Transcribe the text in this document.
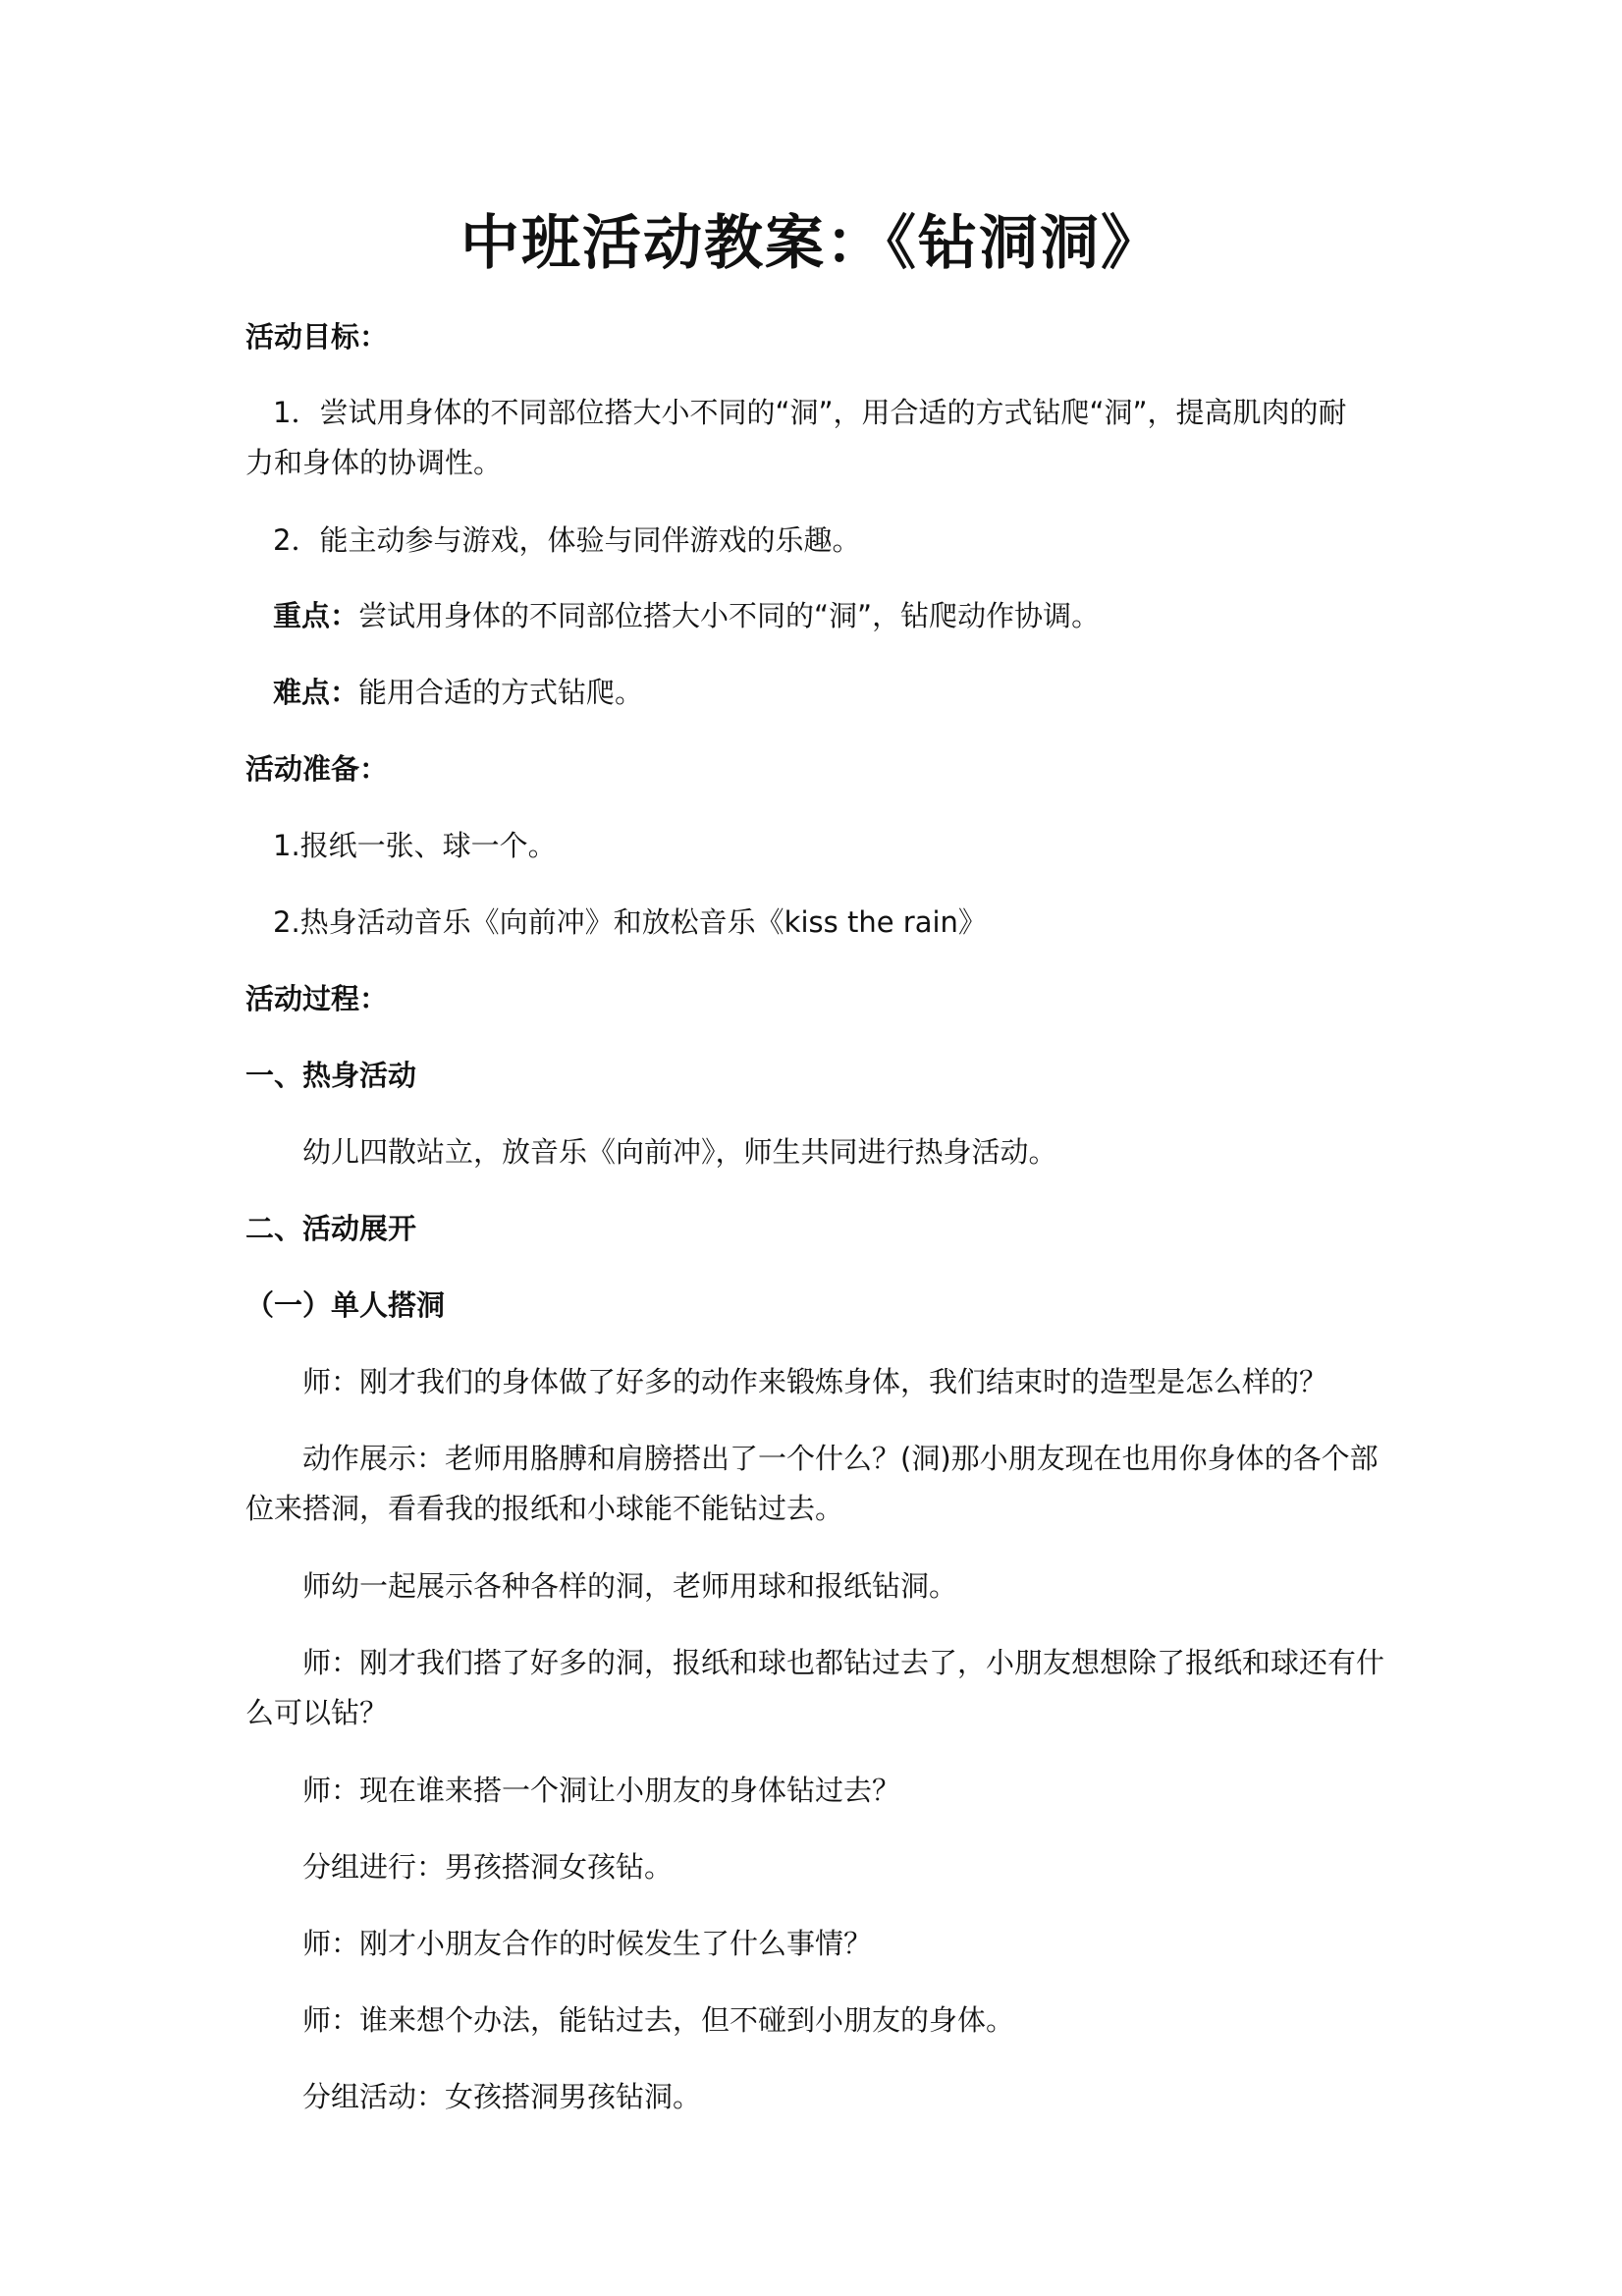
中班活动教案：《钻洞洞》

活动目标：

1．尝试用身体的不同部位搭大小不同的“洞”，用合适的方式钻爬“洞”，提高肌肉的耐

力和身体的协调性。

2．能主动参与游戏，体验与同伴游戏的乐趣。

重点：尝试用身体的不同部位搭大小不同的“洞”，钻爬动作协调。

难点：能用合适的方式钻爬。

活动准备：

1.报纸一张、球一个。

2.热身活动音乐《向前冲》和放松音乐《kiss the rain》

活动过程：

一、热身活动

幼儿四散站立，放音乐《向前冲》，师生共同进行热身活动。

二、活动展开

（一）单人搭洞

师：刚才我们的身体做了好多的动作来锻炼身体，我们结束时的造型是怎么样的？

动作展示：老师用胳膊和肩膀搭出了一个什么？(洞)那小朋友现在也用你身体的各个部

位来搭洞，看看我的报纸和小球能不能钻过去。

师幼一起展示各种各样的洞，老师用球和报纸钻洞。

师：刚才我们搭了好多的洞，报纸和球也都钻过去了，小朋友想想除了报纸和球还有什

么可以钻？

师：现在谁来搭一个洞让小朋友的身体钻过去？

分组进行：男孩搭洞女孩钻。

师：刚才小朋友合作的时候发生了什么事情？

师：谁来想个办法，能钻过去，但不碰到小朋友的身体。

分组活动：女孩搭洞男孩钻洞。
